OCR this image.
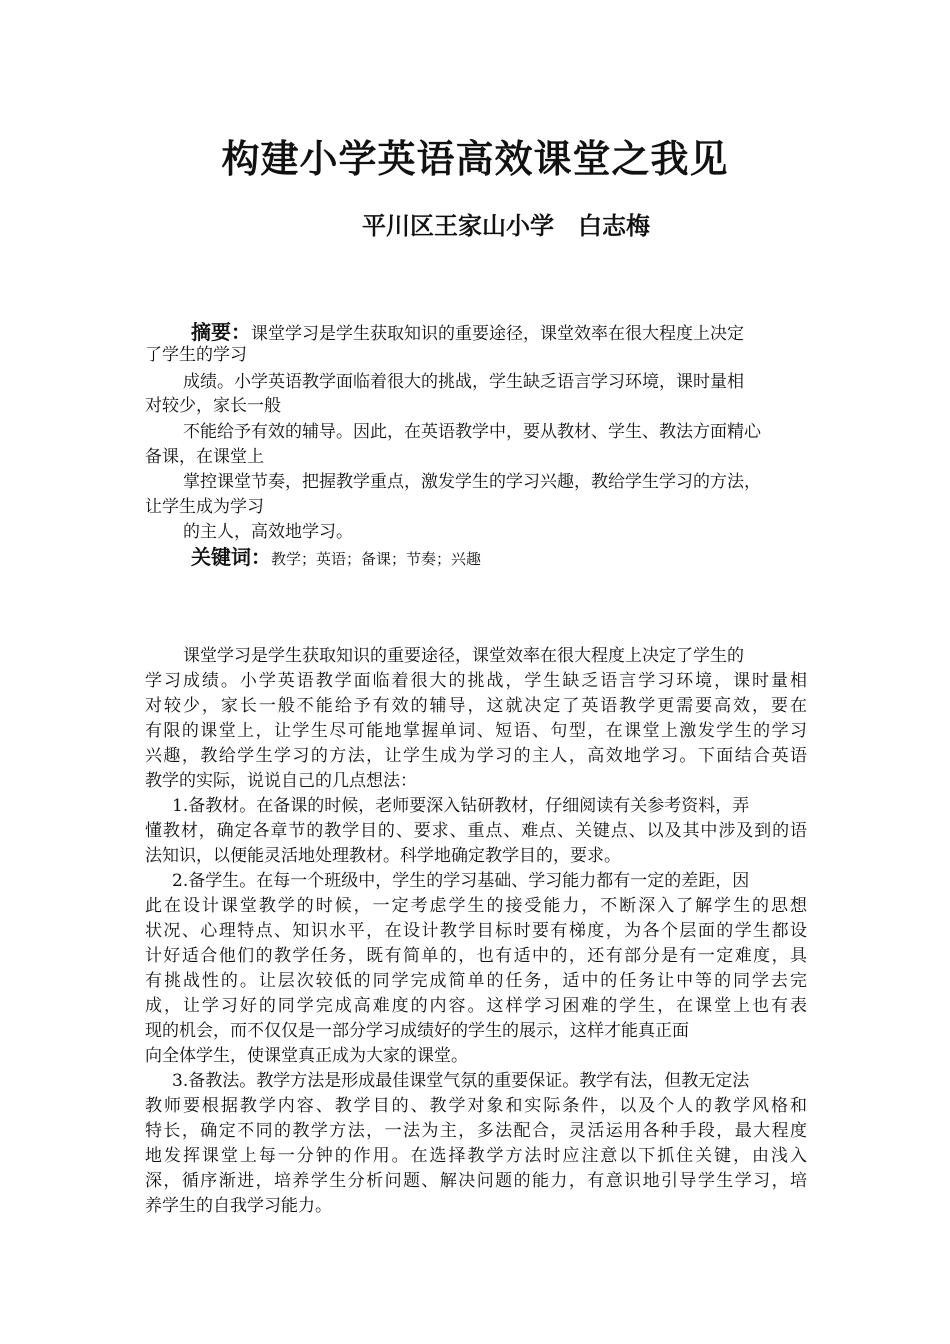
构建小学英语高效课堂之我见
平川区王家山小学　白志梅
摘要：课堂学习是学生获取知识的重要途径，课堂效率在很大程度上决定
了学生的学习
成绩。小学英语教学面临着很大的挑战，学生缺乏语言学习环境，课时量相
对较少，家长一般
不能给予有效的辅导。因此，在英语教学中，要从教材、学生、教法方面精心
备课，在课堂上
掌控课堂节奏，把握教学重点，激发学生的学习兴趣，教给学生学习的方法，
让学生成为学习
的主人，高效地学习。
关键词：教学；英语；备课；节奏；兴趣
课堂学习是学生获取知识的重要途径，课堂效率在很大程度上决定了学生的
学习成绩。小学英语教学面临着很大的挑战，学生缺乏语言学习环境，课时量相
对较少，家长一般不能给予有效的辅导，这就决定了英语教学更需要高效，要在
有限的课堂上，让学生尽可能地掌握单词、短语、句型，在课堂上激发学生的学习
兴趣，教给学生学习的方法，让学生成为学习的主人，高效地学习。下面结合英语
教学的实际，说说自己的几点想法：
1.备教材。在备课的时候，老师要深入钻研教材，仔细阅读有关参考资料，弄
懂教材，确定各章节的教学目的、要求、重点、难点、关键点、以及其中涉及到的语
法知识，以便能灵活地处理教材。科学地确定教学目的，要求。
2.备学生。在每一个班级中，学生的学习基础、学习能力都有一定的差距，因
此在设计课堂教学的时候，一定考虑学生的接受能力，不断深入了解学生的思想
状况、心理特点、知识水平，在设计教学目标时要有梯度，为各个层面的学生都设
计好适合他们的教学任务，既有简单的，也有适中的，还有部分是有一定难度，具
有挑战性的。让层次较低的同学完成简单的任务，适中的任务让中等的同学去完
成，让学习好的同学完成高难度的内容。这样学习困难的学生，在课堂上也有表
现的机会，而不仅仅是一部分学习成绩好的学生的展示，这样才能真正面
向全体学生，使课堂真正成为大家的课堂。
3.备教法。教学方法是形成最佳课堂气氛的重要保证。教学有法，但教无定法
教师要根据教学内容、教学目的、教学对象和实际条件，以及个人的教学风格和
特长，确定不同的教学方法，一法为主，多法配合，灵活运用各种手段，最大程度
地发挥课堂上每一分钟的作用。在选择教学方法时应注意以下抓住关键，由浅入
深，循序渐进，培养学生分析问题、解决问题的能力，有意识地引导学生学习，培
养学生的自我学习能力。
